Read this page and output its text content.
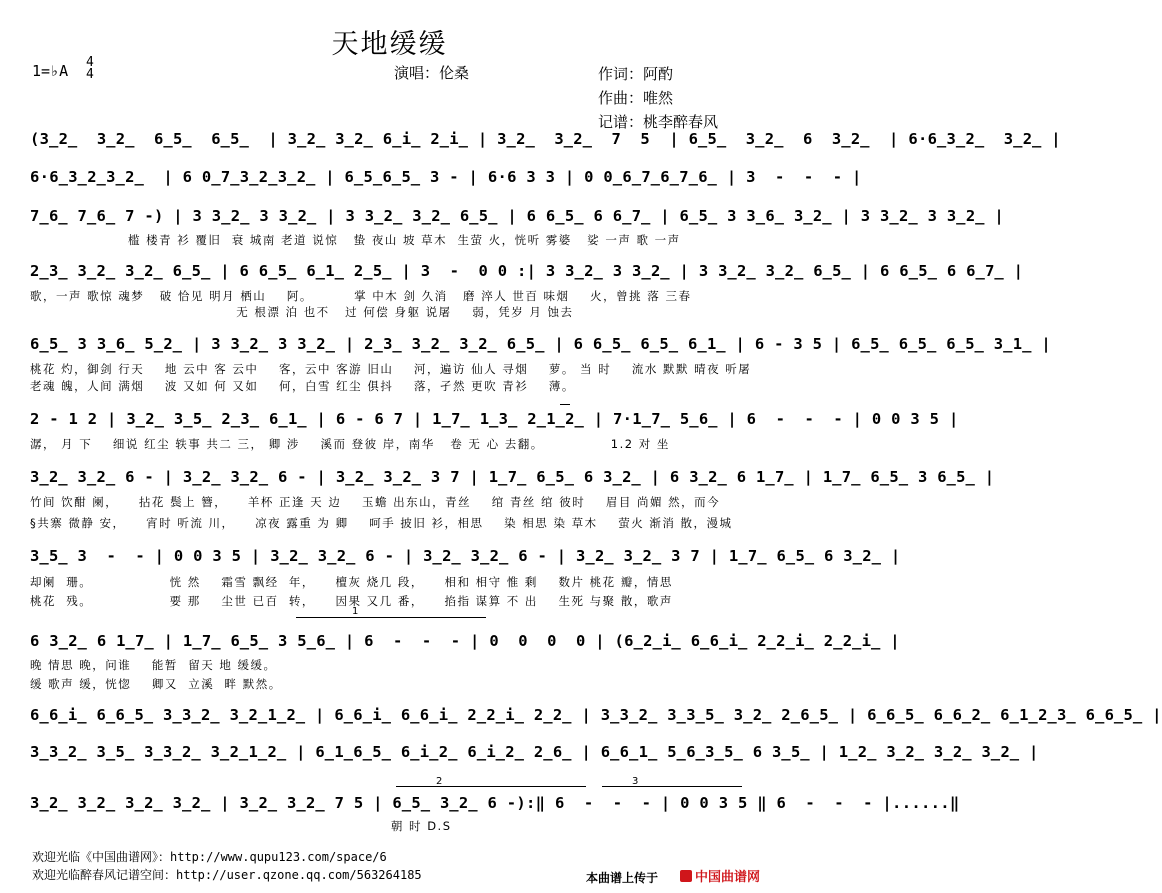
天地缓缓
1=♭A 4
4	演唱：伦桑	作词：阿酌
作曲：唯然
记谱：桃李醉春风
(3̲2̲  3̲2̲  6̲5̲  6̲5̲  | 3̲2̲ 3̲2̲ 6̲i̲ 2̲i̲ | 3̲2̲  3̲2̲  7  5  | 6̲5̲  3̲2̲  6  3̲2̲  | 6·6̲3̲2̲  3̲2̲ |
6·6̲3̲2̲3̲2̲  | 6 0̲7̲3̲2̲3̲2̲ | 6̲5̲6̲5̲ 3 - | 6·6 3 3 | 0 0̲6̲7̲6̲7̲6̲ | 3  -  -  - |
7̲6̲ 7̲6̲ 7 -) | 3 3̲2̲ 3 3̲2̲ | 3 3̲2̲ 3̲2̲ 6̲5̲ | 6 6̲5̲ 6 6̲7̲ | 6̲5̲ 3 3̲6̲ 3̲2̲ | 3 3̲2̲ 3 3̲2̲ |
槛 楼青 衫 覆旧  衰 城南 老道 说惊   蛰 夜山 坡 草木  生萤 火，恍听 雾婆   娑 一声 歌 一声
2̲3̲ 3̲2̲ 3̲2̲ 6̲5̲ | 6 6̲5̲ 6̲1̲ 2̲5̲ | 3  -  0 0 :| 3 3̲2̲ 3 3̲2̲ | 3 3̲2̲ 3̲2̲ 6̲5̲ | 6 6̲5̲ 6 6̲7̲ |
歌，一声 歌惊 魂梦   破 恰见 明月 栖山    阿。        掌 中木 剑 久消   磨 淬人 世百 味烟    火，曾挑 落 三春
无 根漂 泊 也不   过 何偿 身躯 说屠    弱，凭岁 月 蚀去
6̲5̲ 3 3̲6̲ 5̲2̲ | 3 3̲2̲ 3 3̲2̲ | 2̲3̲ 3̲2̲ 3̲2̲ 6̲5̲ | 6 6̲5̲ 6̲5̲ 6̲1̲ | 6 - 3 5 | 6̲5̲ 6̲5̲ 6̲5̲ 3̲1̲ |
桃花 灼，御剑 行天    地 云中 客 云中    客，云中 客游 旧山    河，遍访 仙人 寻烟    萝。 当 时    流水 默默 晴夜 听屠
老魂 魄，人间 满烟    波 又如 何 又如    何，白雪 红尘 俱抖    落，孑然 更吹 青衫    薄。
2 - 1 2 | 3̲2̲ 3̲5̲ 2̲3̲ 6̲1̲ | 6 - 6 7 | 1̲7̲ 1̲3̲ 2̲1̲2̲ | 7·1̲7̲ 5̲6̲ | 6  -  -  - | 0 0 3 5 |
潺， 月 下    细说 红尘 轶事 共二 三， 卿 涉    溪而 登彼 岸，南华   卷 无 心 去翻。             1.2 对 坐
3̲2̲ 3̲2̲ 6 - | 3̲2̲ 3̲2̲ 6 - | 3̲2̲ 3̲2̲ 3 7 | 1̲7̲ 6̲5̲ 6 3̲2̲ | 6 3̲2̲ 6 1̲7̲ | 1̲7̲ 6̲5̲ 3 6̲5̲ |
竹间 饮酣 阑，    拈花 鬓上 簪，    羊杯 正逢 天 边    玉蟾 出东山，青丝    绾 青丝 绾 彼时    眉目 尚媚 然，而今
§共寨 微静 安，    宵时 听流 川，    凉夜 露重 为 卿    呵手 披旧 衫，相思    染 相思 染 草木    萤火 渐消 散，漫城
3̲5̲ 3  -  - | 0 0 3 5 | 3̲2̲ 3̲2̲ 6 - | 3̲2̲ 3̲2̲ 6 - | 3̲2̲ 3̲2̲ 3 7 | 1̲7̲ 6̲5̲ 6 3̲2̲ |
却阑  珊。               恍 然    霜雪 飘经  年，    檀灰 烧几 段，    相和 相守 惟 剩    数片 桃花 瓣，情思
桃花  残。               要 那    尘世 已百  转，    因果 又几 番，    掐指 谋算 不 出    生死 与聚 散，歌声
1
6 3̲2̲ 6 1̲7̲ | 1̲7̲ 6̲5̲ 3 5̲6̲ | 6  -  -  - | 0  0  0  0 | (6̲2̲i̲ 6̲6̲i̲ 2̲2̲i̲ 2̲2̲i̲ |
晚 情思 晚，问谁    能暂  留天 地 缓缓。
缓 歌声 缓，恍惚    卿又  立溪  畔 默然。
6̲6̲i̲ 6̲6̲5̲ 3̲3̲2̲ 3̲2̲1̲2̲ | 6̲6̲i̲ 6̲6̲i̲ 2̲2̲i̲ 2̲2̲ | 3̲3̲2̲ 3̲3̲5̲ 3̲2̲ 2̲6̲5̲ | 6̲6̲5̲ 6̲6̲2̲ 6̲1̲2̲3̲ 6̲6̲5̲ |
3̲3̲2̲ 3̲5̲ 3̲3̲2̲ 3̲2̲1̲2̲ | 6̲1̲6̲5̲ 6̲i̲2̲ 6̲i̲2̲ 2̲6̲ | 6̲6̲1̲ 5̲6̲3̲5̲ 6 3̲5̲ | 1̲2̲ 3̲2̲ 3̲2̲ 3̲2̲ |
2	3
3̲2̲ 3̲2̲ 3̲2̲ 3̲2̲ | 3̲2̲ 3̲2̲ 7 5 | 6̲5̲ 3̲2̲ 6 -):‖ 6  -  -  - | 0 0 3 5 ‖ 6  -  -  - |......‖
朝 时 D.S
欢迎光临《中国曲谱网》：http://www.qupu123.com/space/6
欢迎光临醉春风记谱空间：http://user.qzone.qq.com/563264185	本曲谱上传于	中国曲谱网
